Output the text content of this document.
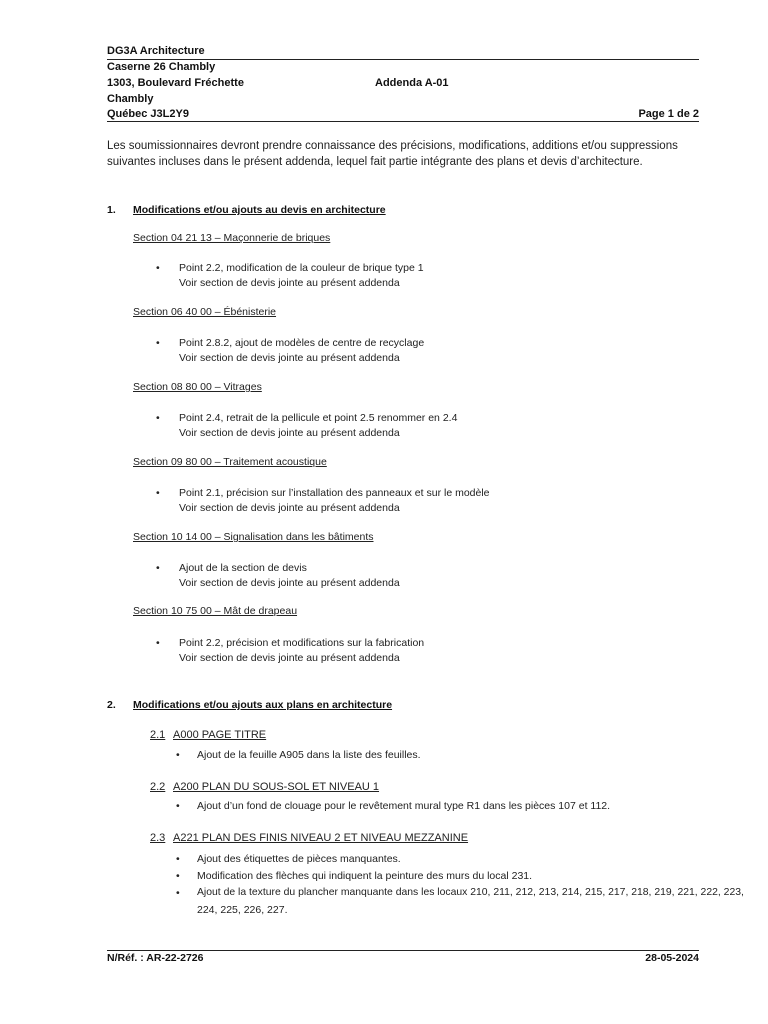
DG3A Architecture
Caserne 26 Chambly
1303, Boulevard Fréchette	Addenda A-01
Chambly
Québec J3L2Y9	Page 1 de 2
Les soumissionnaires devront prendre connaissance des précisions, modifications, additions et/ou suppressions suivantes incluses dans le présent addenda, lequel fait partie intégrante des plans et devis d’architecture.
1. Modifications et/ou ajouts au devis en architecture
Section 04 21 13 – Maçonnerie de briques
• Point 2.2, modification de la couleur de brique type 1
Voir section de devis jointe au présent addenda
Section 06 40 00 – Ébénisterie
• Point 2.8.2, ajout de modèles de centre de recyclage
Voir section de devis jointe au présent addenda
Section 08 80 00 – Vitrages
• Point 2.4, retrait de la pellicule et point 2.5 renommer en 2.4
Voir section de devis jointe au présent addenda
Section 09 80 00 – Traitement acoustique
• Point 2.1, précision sur l’installation des panneaux et sur le modèle
Voir section de devis jointe au présent addenda
Section 10 14 00 – Signalisation dans les bâtiments
• Ajout de la section de devis
Voir section de devis jointe au présent addenda
Section 10 75 00 – Mât de drapeau
• Point 2.2, précision et modifications sur la fabrication
Voir section de devis jointe au présent addenda
2. Modifications et/ou ajouts aux plans en architecture
2.1 A000 PAGE TITRE
• Ajout de la feuille A905 dans la liste des feuilles.
2.2 A200 PLAN DU SOUS-SOL ET NIVEAU 1
• Ajout d’un fond de clouage pour le revêtement mural type R1 dans les pièces 107 et 112.
2.3 A221 PLAN DES FINIS NIVEAU 2 ET NIVEAU MEZZANINE
• Ajout des étiquettes de pièces manquantes.
• Modification des flèches qui indiquent la peinture des murs du local 231.
• Ajout de la texture du plancher manquante dans les locaux 210, 211, 212, 213, 214, 215, 217, 218, 219, 221, 222, 223,
224, 225, 226, 227.
N/Réf. : AR-22-2726	28-05-2024
